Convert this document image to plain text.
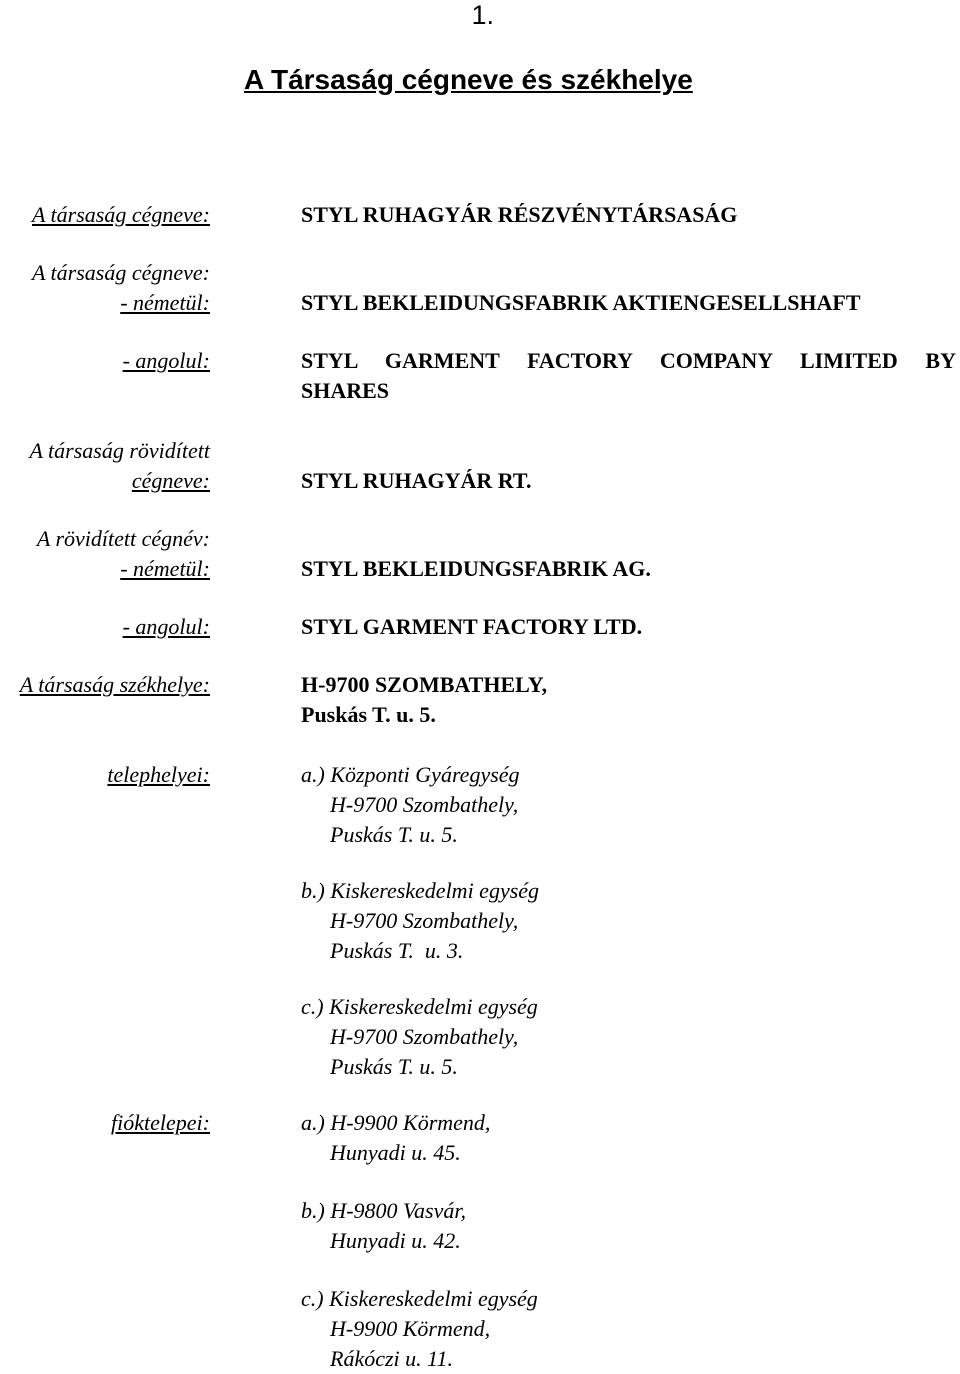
1.
A Társaság cégneve és székhelye
A társaság cégneve:
A társaság cégneve:
- németül:
- angolul:
A társaság rövidített
cégneve:
A rövidített cégnév:
- németül:
- angolul:
A társaság székhelye:
telephelyei:
fióktelepei:
STYL RUHAGYÁR RÉSZVÉNYTÁRSASÁG
STYL BEKLEIDUNGSFABRIK AKTIENGESELLSHAFT
STYL GARMENT FACTORY COMPANY LIMITED BY
SHARES
STYL RUHAGYÁR RT.
STYL BEKLEIDUNGSFABRIK AG.
STYL GARMENT FACTORY LTD.
H-9700 SZOMBATHELY,
Puskás T. u. 5.
a.) Központi Gyáregység
H-9700 Szombathely,
Puskás T. u. 5.
b.) Kiskereskedelmi egység
H-9700 Szombathely,
Puskás T.  u. 3.
c.) Kiskereskedelmi egység
H-9700 Szombathely,
Puskás T. u. 5.
a.) H-9900 Körmend,
Hunyadi u. 45.
b.) H-9800 Vasvár,
Hunyadi u. 42.
c.) Kiskereskedelmi egység
H-9900 Körmend,
Rákóczi u. 11.
